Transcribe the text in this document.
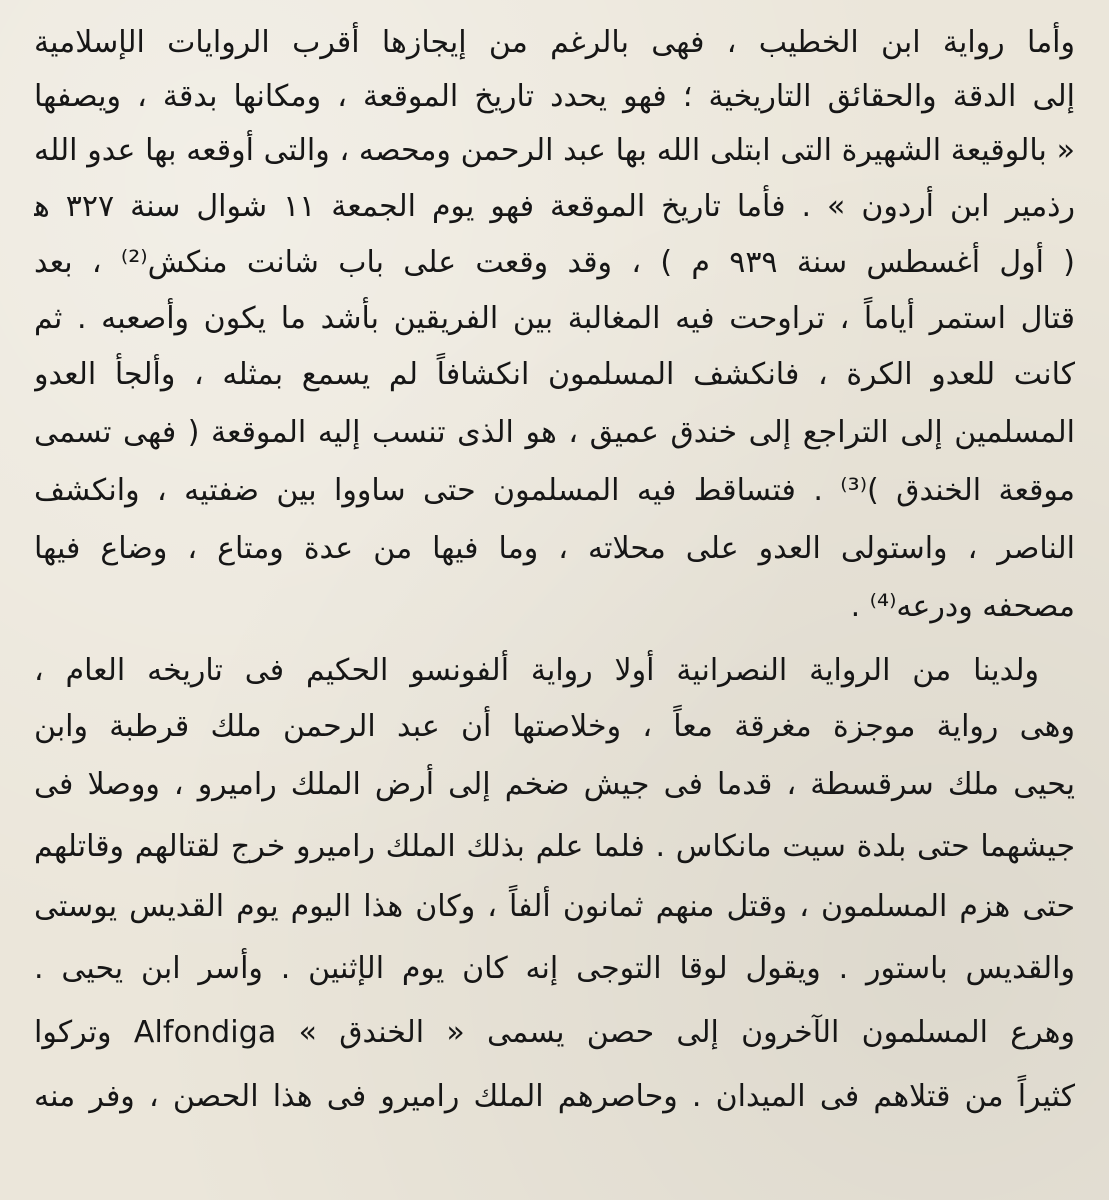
وأما رواية ابن الخطيب ، فهى بالرغم من إيجازها أقرب الروايات الإسلامية
إلى الدقة والحقائق التاريخية ؛ فهو يحدد تاريخ الموقعة ، ومكانها بدقة ، ويصفها
« بالوقيعة الشهيرة التى ابتلى الله بها عبد الرحمن ومحصه ، والتى أوقعه بها عدو الله
رذمير ابن أردون » . فأما تاريخ الموقعة فهو يوم الجمعة ١١ شوال سنة ٣٢٧ ﻫ
( أول أغسطس سنة ٩٣٩ م ) ، وقد وقعت على باب شانت منكش⁽²⁾ ، بعد
قتال استمر أياماً ، تراوحت فيه المغالبة بين الفريقين بأشد ما يكون وأصعبه . ثم
كانت للعدو الكرة ، فانكشف المسلمون انكشافاً لم يسمع بمثله ، وألجأ العدو
المسلمين إلى التراجع إلى خندق عميق ، هو الذى تنسب إليه الموقعة ( فهى تسمى
موقعة الخندق )⁽³⁾ . فتساقط فيه المسلمون حتى ساووا بين ضفتيه ، وانكشف
الناصر ، واستولى العدو على محلاته ، وما فيها من عدة ومتاع ، وضاع فيها
مصحفه ودرعه⁽⁴⁾ .
ولدينا من الرواية النصرانية أولا رواية ألفونسو الحكيم فى تاريخه العام ،
وهى رواية موجزة مغرقة معاً ، وخلاصتها أن عبد الرحمن ملك قرطبة وابن
يحيى ملك سرقسطة ، قدما فى جيش ضخم إلى أرض الملك راميرو ، ووصلا فى
جيشهما حتى بلدة سيت مانكاس . فلما علم بذلك الملك راميرو خرج لقتالهم وقاتلهم
حتى هزم المسلمون ، وقتل منهم ثمانون ألفاً ، وكان هذا اليوم يوم القديس يوستى
والقديس باستور . ويقول لوقا التوجى إنه كان يوم الإثنين . وأسر ابن يحيى .
وهرع المسلمون الآخرون إلى حصن يسمى « الخندق » Alfondiga وتركوا
كثيراً من قتلاهم فى الميدان . وحاصرهم الملك راميرو فى هذا الحصن ، وفر منه
